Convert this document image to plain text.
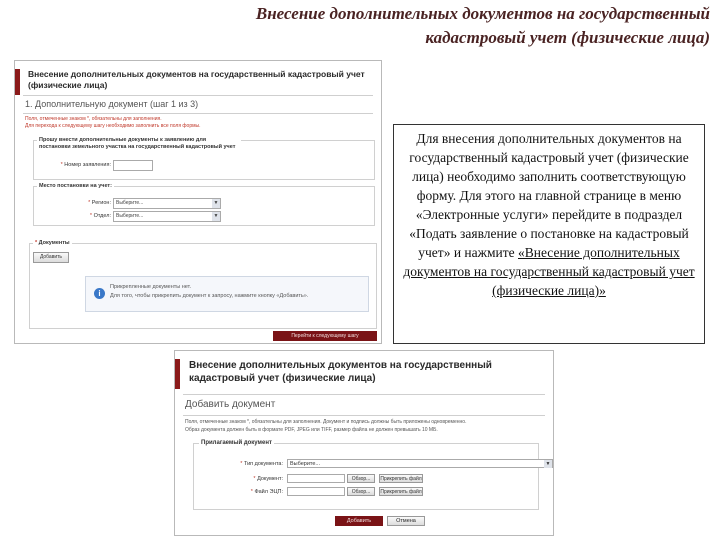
Внесение дополнительных документов на государственный
кадастровый учет (физические лица)
Внесение дополнительных документов на государственный кадастровый учет (физические лица)
1. Дополнительную документ (шаг 1 из 3)
Поля, отмеченные знаком *, обязательны для заполнения.
Для перехода к следующему шагу необходимо заполнить все поля формы.
Прошу внести дополнительные документы к заявлению для постановки земельного участка на государственный кадастровый учет
* Номер заявления:
Место постановки на учет:
* Регион:	Выберите...	▼
* Отдел:	Выберите...	▼
* Документы
Добавить
i
Прикрепленные документы нет.
Для того, чтобы прикрепить документ к запросу, нажмите кнопку «Добавить».
Перейти к следующему шагу
Для внесения дополнительных документов на государственный кадастровый учет (физические лица) необходимо заполнить соответствующую форму. Для этого на главной странице в меню «Электронные услуги» перейдите в подраздел «Подать заявление о постановке на кадастровый учет» и нажмите «Внесение дополнительных документов на государственный кадастровый учет (физические лица)»
Внесение дополнительных документов на государственный кадастровый учет (физические лица)
Добавить документ
Поля, отмеченные знаком *, обязательны для заполнения. Документ и подпись должны быть приложены одновременно.
Образ документа должен быть в формате PDF, JPEG или TIFF, размер файла не должен превышать 10 МБ.
Прилагаемый документ
* Тип документа:	Выберите...	▼
* Документ:	Обзор...	Прикрепить файл
* Файл ЭЦП:	Обзор...	Прикрепить файл
Добавить	Отмена
